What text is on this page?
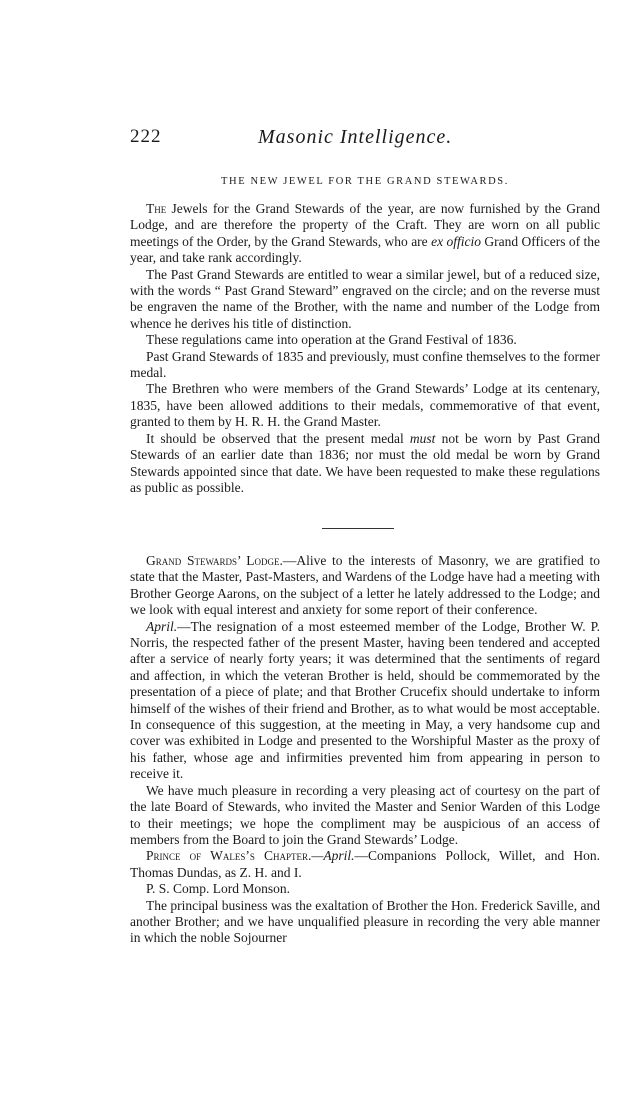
222	Masonic Intelligence.
THE NEW JEWEL FOR THE GRAND STEWARDS.

The Jewels for the Grand Stewards of the year, are now furnished by the Grand Lodge, and are therefore the property of the Craft. They are worn on all public meetings of the Order, by the Grand Stewards, who are ex officio Grand Officers of the year, and take rank accordingly.

The Past Grand Stewards are entitled to wear a similar jewel, but of a reduced size, with the words “ Past Grand Steward” engraved on the circle; and on the reverse must be engraven the name of the Brother, with the name and number of the Lodge from whence he derives his title of distinction.

These regulations came into operation at the Grand Festival of 1836.

Past Grand Stewards of 1835 and previously, must confine themselves to the former medal.

The Brethren who were members of the Grand Stewards’ Lodge at its centenary, 1835, have been allowed additions to their medals, commemorative of that event, granted to them by H. R. H. the Grand Master.

It should be observed that the present medal must not be worn by Past Grand Stewards of an earlier date than 1836; nor must the old medal be worn by Grand Stewards appointed since that date. We have been requested to make these regulations as public as possible.

Grand Stewards’ Lodge.—Alive to the interests of Masonry, we are gratified to state that the Master, Past-Masters, and Wardens of the Lodge have had a meeting with Brother George Aarons, on the subject of a letter he lately addressed to the Lodge; and we look with equal interest and anxiety for some report of their conference.

April.—The resignation of a most esteemed member of the Lodge, Brother W. P. Norris, the respected father of the present Master, having been tendered and accepted after a service of nearly forty years; it was determined that the sentiments of regard and affection, in which the veteran Brother is held, should be commemorated by the presentation of a piece of plate; and that Brother Crucefix should undertake to inform himself of the wishes of their friend and Brother, as to what would be most acceptable. In consequence of this suggestion, at the meeting in May, a very handsome cup and cover was exhibited in Lodge and presented to the Worshipful Master as the proxy of his father, whose age and infirmities prevented him from appearing in person to receive it.

We have much pleasure in recording a very pleasing act of courtesy on the part of the late Board of Stewards, who invited the Master and Senior Warden of this Lodge to their meetings; we hope the compliment may be auspicious of an access of members from the Board to join the Grand Stewards’ Lodge.

Prince of Wales’s Chapter.—April.—Companions Pollock, Willet, and Hon. Thomas Dundas, as Z. H. and I.

P. S. Comp. Lord Monson.

The principal business was the exaltation of Brother the Hon. Frederick Saville, and another Brother; and we have unqualified pleasure in recording the very able manner in which the noble Sojourner
